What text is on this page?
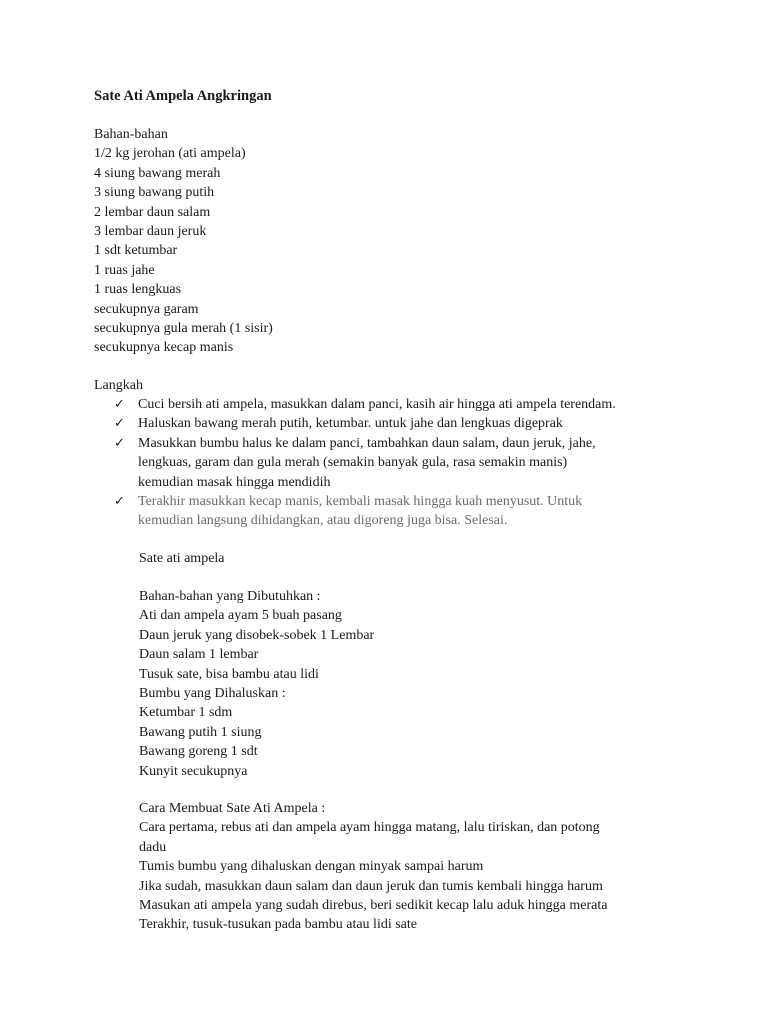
Sate Ati Ampela Angkringan
Bahan-bahan
1/2 kg jerohan (ati ampela)
4 siung bawang merah
3 siung bawang putih
2 lembar daun salam
3 lembar daun jeruk
1 sdt ketumbar
1 ruas jahe
1 ruas lengkuas
secukupnya garam
secukupnya gula merah (1 sisir)
secukupnya kecap manis
Langkah
✓ Cuci bersih ati ampela, masukkan dalam panci, kasih air hingga ati ampela terendam.
✓ Haluskan bawang merah putih, ketumbar. untuk jahe dan lengkuas digeprak
✓ Masukkan bumbu halus ke dalam panci, tambahkan daun salam, daun jeruk, jahe,
lengkuas, garam dan gula merah (semakin banyak gula, rasa semakin manis)
kemudian masak hingga mendidih
✓ Terakhir masukkan kecap manis, kembali masak hingga kuah menyusut. Untuk
kemudian langsung dihidangkan, atau digoreng juga bisa. Selesai.
Sate ati ampela
Bahan-bahan yang Dibutuhkan :
Ati dan ampela ayam 5 buah pasang
Daun jeruk yang disobek-sobek 1 Lembar
Daun salam 1 lembar
Tusuk sate, bisa bambu atau lidi
Bumbu yang Dihaluskan :
Ketumbar 1 sdm
Bawang putih 1 siung
Bawang goreng 1 sdt
Kunyit secukupnya
Cara Membuat Sate Ati Ampela :
Cara pertama, rebus ati dan ampela ayam hingga matang, lalu tiriskan, dan potong
dadu
Tumis bumbu yang dihaluskan dengan minyak sampai harum
Jika sudah, masukkan daun salam dan daun jeruk dan tumis kembali hingga harum
Masukan ati ampela yang sudah direbus, beri sedikit kecap lalu aduk hingga merata
Terakhir, tusuk-tusukan pada bambu atau lidi sate
